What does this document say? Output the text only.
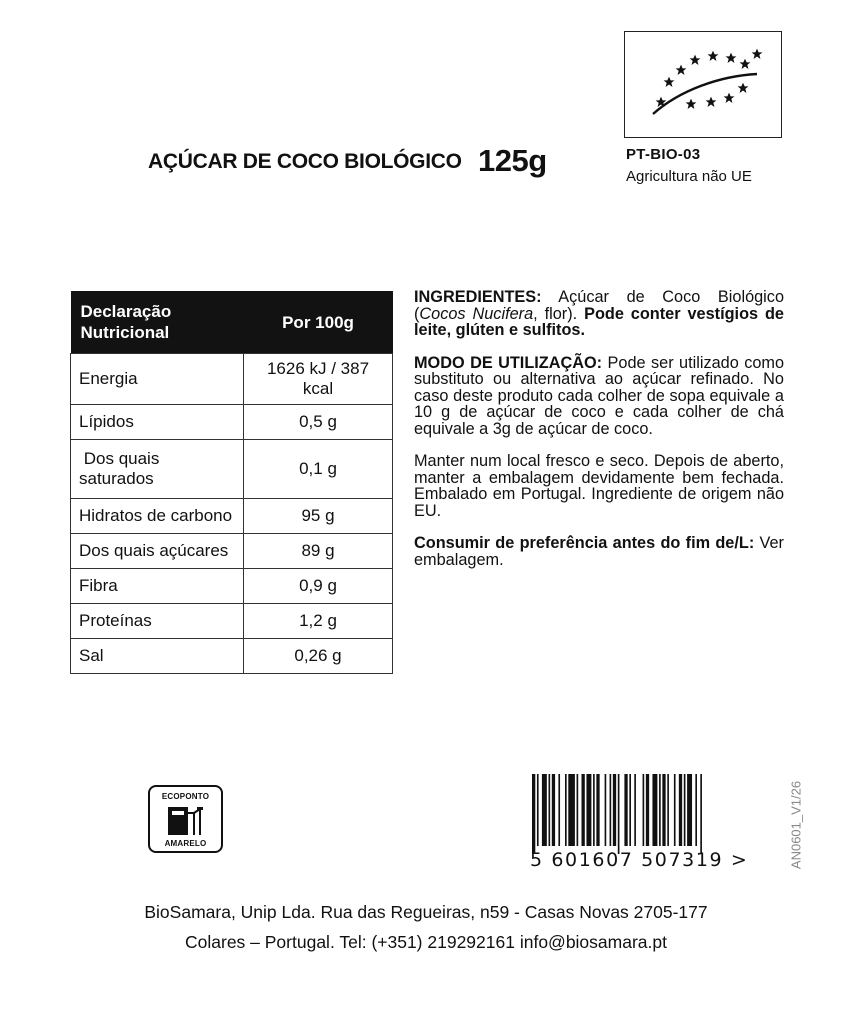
AÇÚCAR DE COCO BIOLÓGICO 125g	PT-BIO-03
Agricultura não UE
Declaração Nutricional	Por 100g
Energia	1626 kJ / 387 kcal
Lípidos	0,5 g
Dos quais saturados	0,1 g
Hidratos de carbono	95 g
Dos quais açúcares	89 g
Fibra	0,9 g
Proteínas	1,2 g
Sal	0,26 g

INGREDIENTES: Açúcar de Coco Biológico (Cocos Nucifera, flor). Pode conter vestígios de leite, glúten e sulfitos.

MODO DE UTILIZAÇÃO: Pode ser utilizado como substituto ou alternativa ao açúcar refinado. No caso deste produto cada colher de sopa equivale a 10 g de açúcar de coco e cada colher de chá equivale a 3g de açúcar de coco.

Manter num local fresco e seco. Depois de aberto, manter a embalagem devidamente bem fechada. Embalado em Portugal. Ingrediente de origem não EU.

Consumir de preferência antes do fim de/L: Ver embalagem.

ECOPONTO
AMARELO
5 601607 507319 >	AN0601_V1/26
BioSamara, Unip Lda. Rua das Regueiras, n59 - Casas Novas 2705-177
Colares – Portugal. Tel: (+351) 219292161 info@biosamara.pt
